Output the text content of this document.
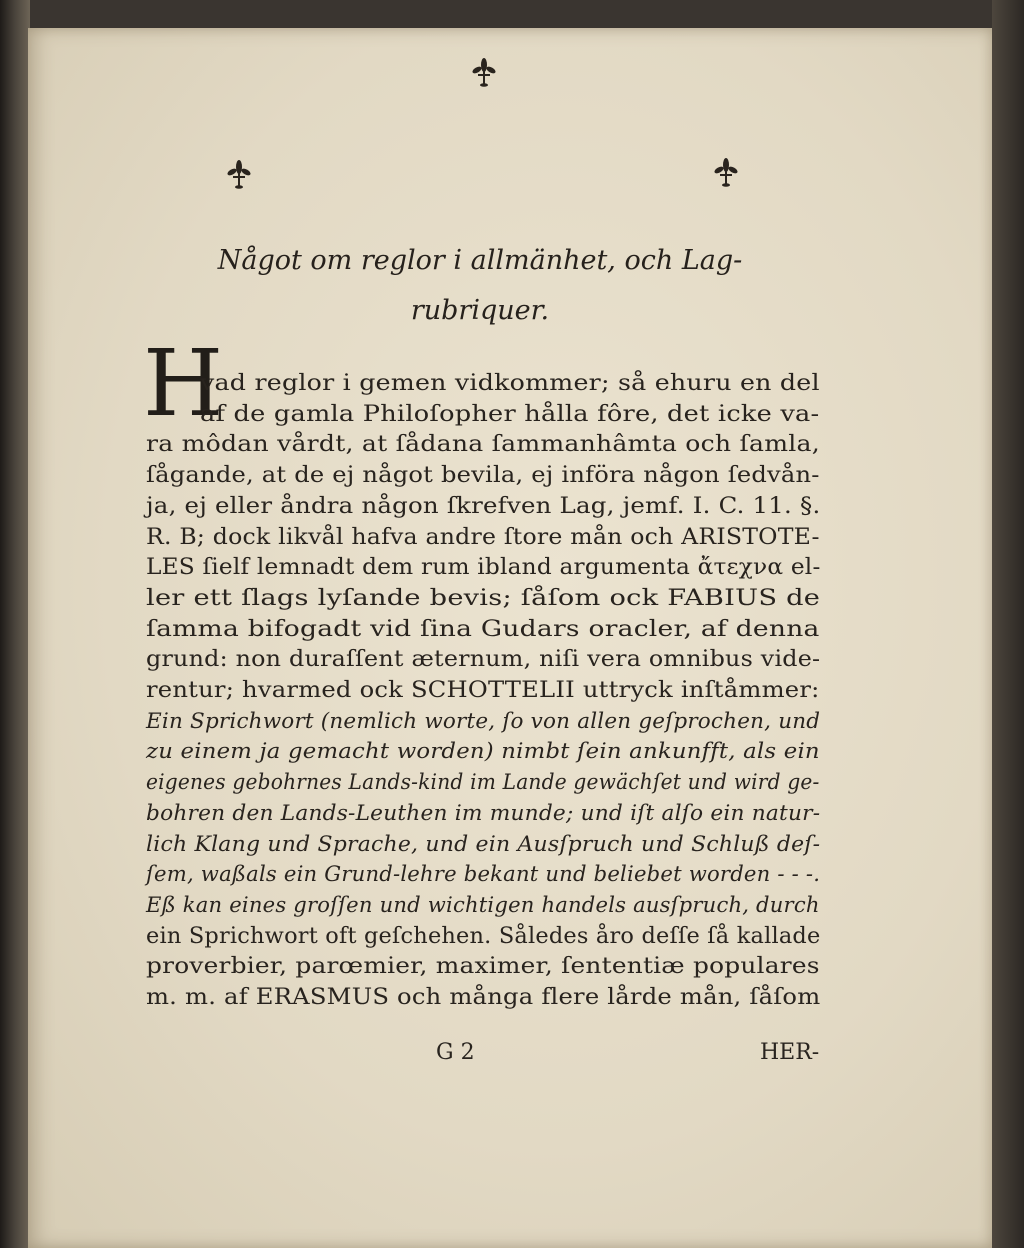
Något om reglor i allmänhet, och Lag-
rubriquer.
H
vad reglor i gemen vidkommer; så ehuru en del
af de gamla Philoſopher hålla fôre, det icke va-
ra môdan vårdt, at ſådana ſammanhâmta och ſamla,
ſågande, at de ej något bevila, ej införa någon ſedvån-
ja, ej eller åndra någon ſkrefven Lag, jemf. I. C. 11. §.
R. B; dock likvål hafva andre ſtore mån och ARISTOTE-
LES ſielf lemnadt dem rum ibland argumenta ἄτεχνα el-
ler ett ſlags lyſande bevis; ſåſom ock FABIUS de
ſamma bifogadt vid ſina Gudars oracler, af denna
grund: non duraſſent æternum, niſi vera omnibus vide-
rentur; hvarmed ock SCHOTTELII uttryck inſtåmmer:
Ein Sprichwort (nemlich worte, ſo von allen geſprochen, und
zu einem ja gemacht worden) nimbt ſein ankunfft, als ein
eigenes gebohrnes Lands-kind im Lande gewächſet und wird ge-
bohren den Lands-Leuthen im munde; und iſt alſo ein natur-
lich Klang und Sprache, und ein Ausſpruch und Schluß deſ-
ſem, waßals ein Grund-lehre bekant und beliebet worden - - -.
Eß kan eines groſſen und wichtigen handels ausſpruch, durch
ein Sprichwort oft geſchehen. Således åro deſſe ſå kallade
proverbier, parœmier, maximer, ſententiæ populares
m. m. af ERASMUS och många flere lårde mån, ſåſom
G 2	HER-
